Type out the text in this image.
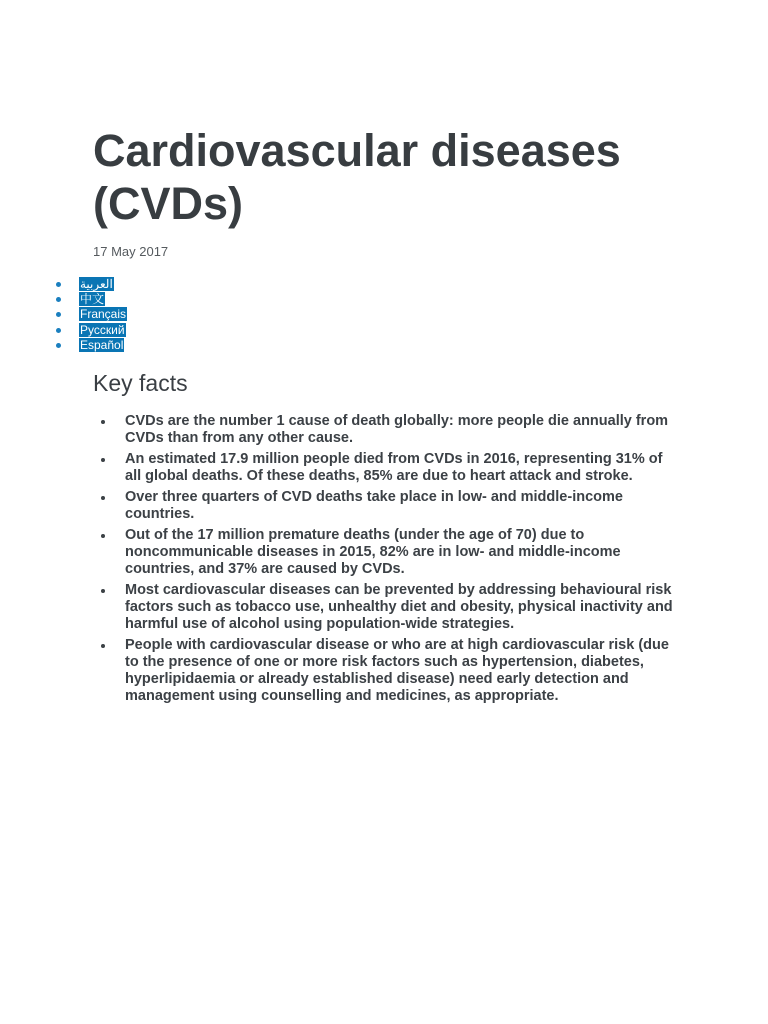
Cardiovascular diseases (CVDs)
17 May 2017
العربية
中文
Français
Русский
Español
Key facts
CVDs are the number 1 cause of death globally: more people die annually from CVDs than from any other cause.
An estimated 17.9 million people died from CVDs in 2016, representing 31% of all global deaths. Of these deaths, 85% are due to heart attack and stroke.
Over three quarters of CVD deaths take place in low- and middle-income countries.
Out of the 17 million premature deaths (under the age of 70) due to noncommunicable diseases in 2015, 82% are in low- and middle-income countries, and 37% are caused by CVDs.
Most cardiovascular diseases can be prevented by addressing behavioural risk factors such as tobacco use, unhealthy diet and obesity, physical inactivity and harmful use of alcohol using population-wide strategies.
People with cardiovascular disease or who are at high cardiovascular risk (due to the presence of one or more risk factors such as hypertension, diabetes, hyperlipidaemia or already established disease) need early detection and management using counselling and medicines, as appropriate.
